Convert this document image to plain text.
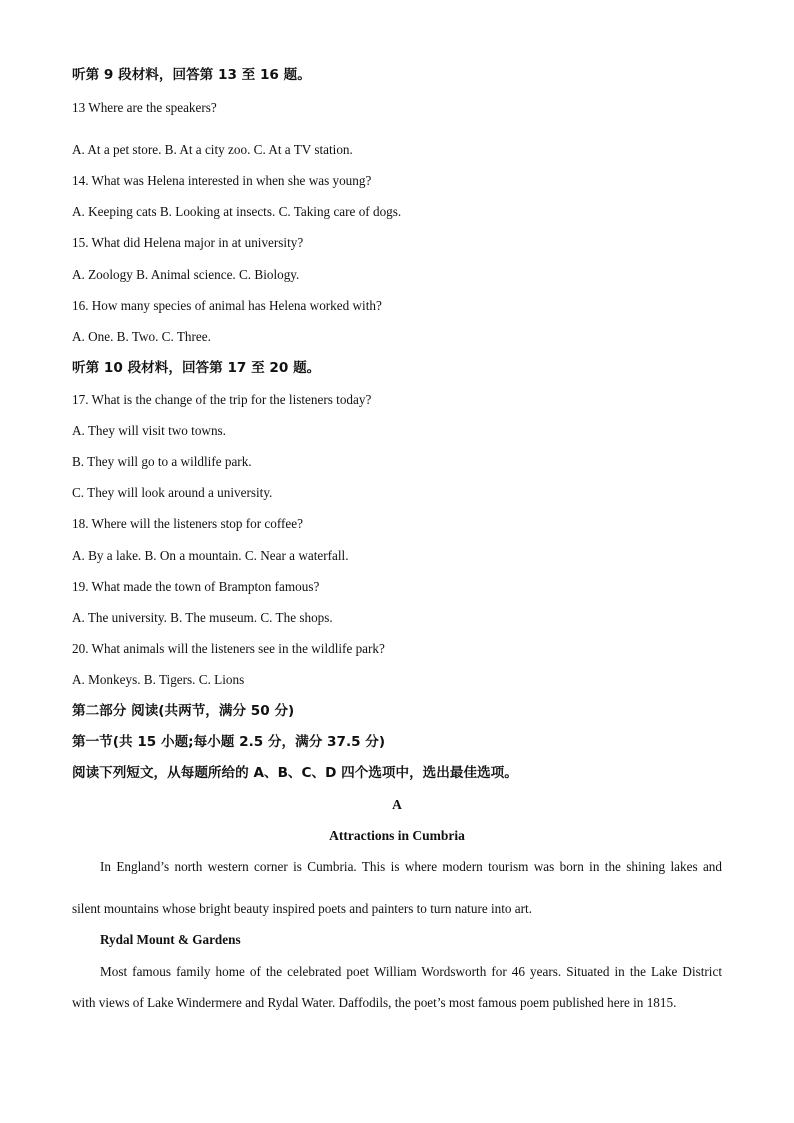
听第 9 段材料，回答第 13 至 16 题。
13 Where are the speakers?
A. At a pet store. B. At a city zoo. C. At a TV station.
14. What was Helena interested in when she was young?
A. Keeping cats B. Looking at insects. C. Taking care of dogs.
15. What did Helena major in at university?
A. Zoology B. Animal science. C. Biology.
16. How many species of animal has Helena worked with?
A. One. B. Two. C. Three.
听第 10 段材料，回答第 17 至 20 题。
17. What is the change of the trip for the listeners today?
A. They will visit two towns.
B. They will go to a wildlife park.
C. They will look around a university.
18. Where will the listeners stop for coffee?
A. By a lake. B. On a mountain. C. Near a waterfall.
19. What made the town of Brampton famous?
A. The university. B. The museum. C. The shops.
20. What animals will the listeners see in the wildlife park?
A. Monkeys. B. Tigers. C. Lions
第二部分 阅读(共两节，满分 50 分)
第一节(共 15 小题;每小题 2.5 分，满分 37.5 分)
阅读下列短文，从每题所给的 A、B、C、D 四个选项中，选出最佳选项。
A
Attractions in Cumbria
In England’s north western corner is Cumbria. This is where modern tourism was born in the shining lakes and
silent mountains whose bright beauty inspired poets and painters to turn nature into art.
Rydal Mount & Gardens
Most famous family home of the celebrated poet William Wordsworth for 46 years. Situated in the Lake District
with views of Lake Windermere and Rydal Water. Daffodils, the poet’s most famous poem published here in 1815.
